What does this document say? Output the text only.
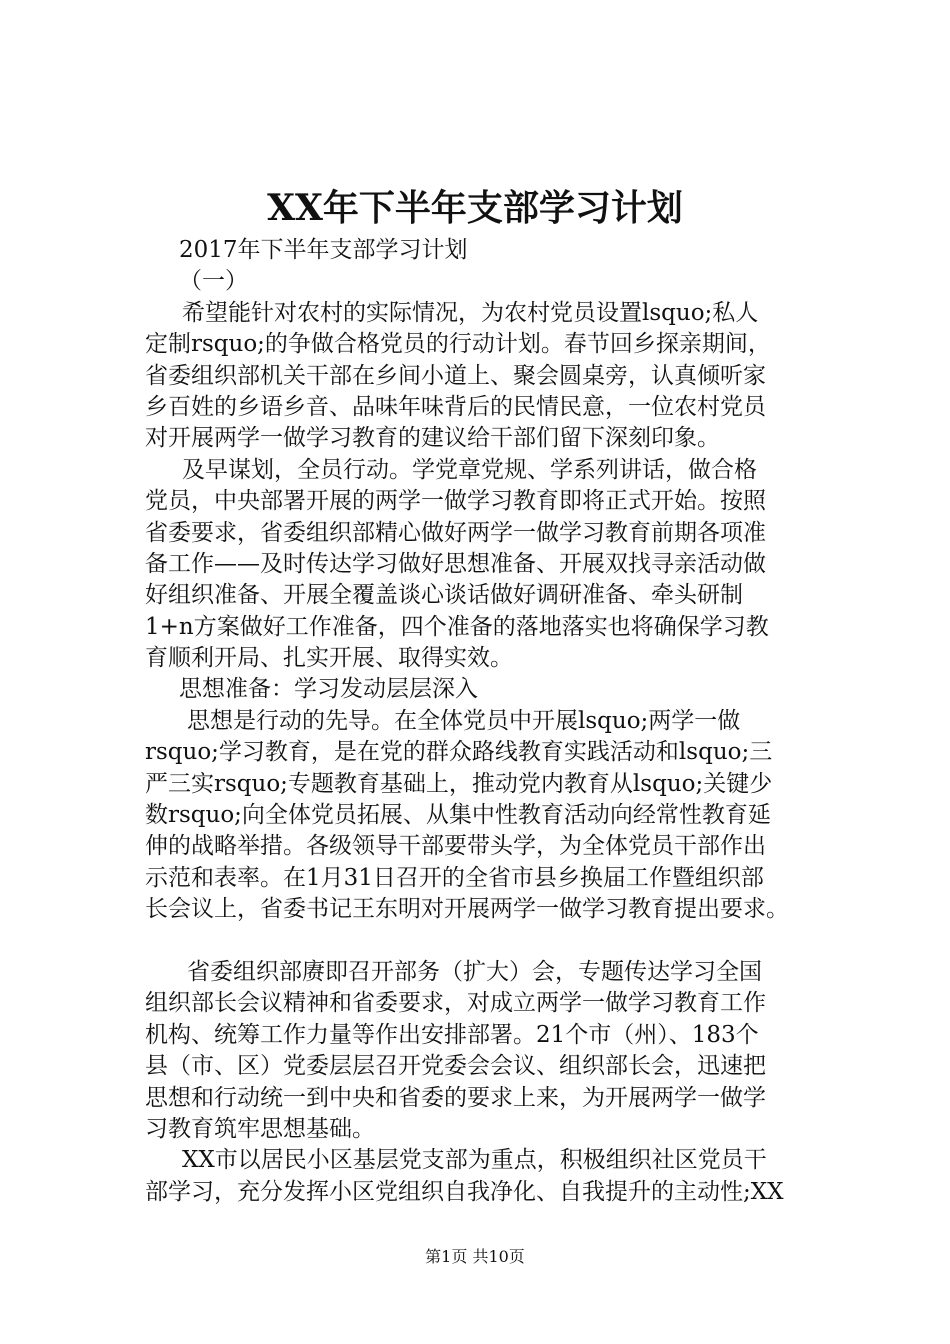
XX年下半年支部学习计划
2017年下半年支部学习计划
（一）
希望能针对农村的实际情况，为农村党员设置lsquo;私人
定制rsquo;的争做合格党员的行动计划。春节回乡探亲期间，
省委组织部机关干部在乡间小道上、聚会圆桌旁，认真倾听家
乡百姓的乡语乡音、品味年味背后的民情民意，一位农村党员
对开展两学一做学习教育的建议给干部们留下深刻印象。
及早谋划，全员行动。学党章党规、学系列讲话，做合格
党员，中央部署开展的两学一做学习教育即将正式开始。按照
省委要求，省委组织部精心做好两学一做学习教育前期各项准
备工作——及时传达学习做好思想准备、开展双找寻亲活动做
好组织准备、开展全覆盖谈心谈话做好调研准备、牵头研制
1+n方案做好工作准备，四个准备的落地落实也将确保学习教
育顺利开局、扎实开展、取得实效。
思想准备：学习发动层层深入
思想是行动的先导。在全体党员中开展lsquo;两学一做
rsquo;学习教育，是在党的群众路线教育实践活动和lsquo;三
严三实rsquo;专题教育基础上，推动党内教育从lsquo;关键少
数rsquo;向全体党员拓展、从集中性教育活动向经常性教育延
伸的战略举措。各级领导干部要带头学，为全体党员干部作出
示范和表率。在1月31日召开的全省市县乡换届工作暨组织部
长会议上，省委书记王东明对开展两学一做学习教育提出要求。
省委组织部赓即召开部务（扩大）会，专题传达学习全国
组织部长会议精神和省委要求，对成立两学一做学习教育工作
机构、统筹工作力量等作出安排部署。21个市（州）、183个
县（市、区）党委层层召开党委会会议、组织部长会，迅速把
思想和行动统一到中央和省委的要求上来，为开展两学一做学
习教育筑牢思想基础。
XX市以居民小区基层党支部为重点，积极组织社区党员干
部学习，充分发挥小区党组织自我净化、自我提升的主动性;XX
第1页 共10页
